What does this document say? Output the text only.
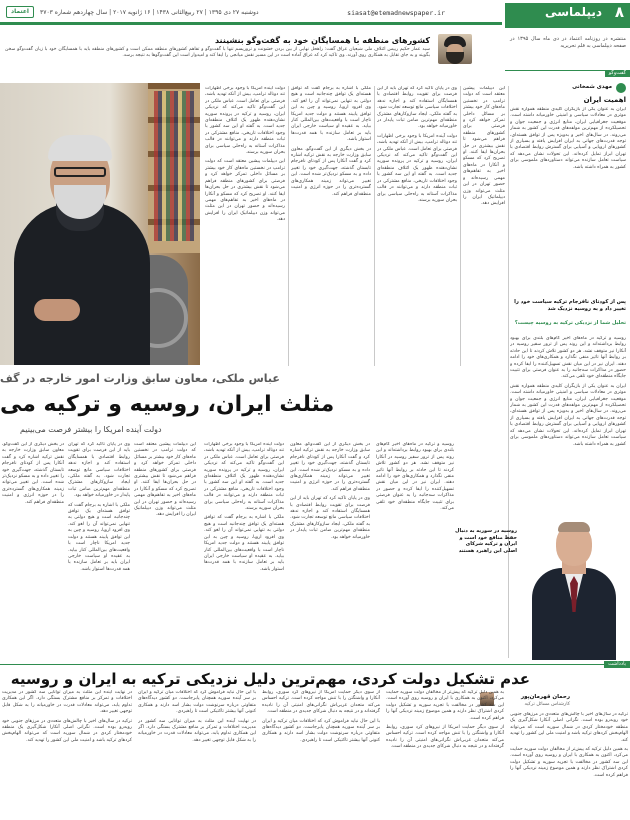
۸
دیپلماسی
siasat@etemadnewspaper.ir
دوشنبه ۲۷ دی ۱۳۹۵ | ۲۷ ربیع‌الثانی ۱۴۳۸ | ۱۶ ژانویه ۲۰۱۷ | سال چهاردهم شماره ۳۷۰۳
اعتماد

منتشره در روزنامه اعتماد در دی ماه سال ۱۳۹۵ در صفحه دیپلماسی به قلم تحریریه

کشورهای منطقه با همسایگان خود به گفت‌وگو بنشینند

سید عمار حکیم رییس ائتلاف ملی شیعیان عراق گفت: راهحل نهایی از بین بردن خشونت و تروریسم تنها با گفت‌وگو و تفاهم کشورهای منطقه ممکن است و کشورهای منطقه باید با همسایگان خود با زبان گفت‌وگو سخن بگویند و به جای تقابل به همکاری روی آورند. وی تاکید کرد که عراق آماده است در این مسیر نقش میانجی را ایفا کند و امیدوار است این گفت‌وگوها به نتیجه برسد.

گفت‌وگو

دولت آینده امریکا با وجود برخی اظهارات تند دونالد ترامپ، بیش از آنکه تهدید باشد، فرصتی برای تعامل است. عباس ملکی در این گفت‌وگو تاکید می‌کند که نزدیکی ایران، روسیه و ترکیه در پرونده سوریه نشان‌دهنده ظهور یک ائتلاف منطقه‌ای جدید است. به گفته او این سه کشور با وجود اختلافات تاریخی، منافع مشترکی در ثبات منطقه دارند و می‌توانند در قالب مذاکرات آستانه به راه‌حلی سیاسی برای بحران سوریه برسند.

این دیپلمات پیشین معتقد است که دولت ترامپ در نخستین ماه‌های کار خود بیشتر بر مسائل داخلی تمرکز خواهد کرد و فرصتی برای کشورهای منطقه فراهم می‌شود تا نقش بیشتری در حل بحران‌ها ایفا کنند. او تصریح کرد که مسکو و آنکارا در ماه‌های اخیر به تفاهم‌های مهمی رسیده‌اند و حضور تهران در این مثلث می‌تواند وزن دیپلماتیک ایران را افزایش دهد.

ملکی با اشاره به برجام گفت که توافق هسته‌ای یک توافق چندجانبه است و هیچ دولتی به تنهایی نمی‌تواند آن را لغو کند. وی افزود اروپا، روسیه و چین به این توافق پایبند هستند و دولت جدید امریکا ناچار است با واقعیت‌های بین‌المللی کنار بیاید. به عقیده او سیاست خارجی ایران باید بر تعامل سازنده با همه قدرت‌ها استوار باشد.

در بخش دیگری از این گفت‌وگو، معاون سابق وزارت خارجه به نقش ترکیه اشاره کرد و گفت آنکارا پس از کودتای نافرجام تابستان گذشته، جهت‌گیری خود را تغییر داده و به مسکو نزدیک‌تر شده است. این تغییر می‌تواند زمینه همکاری‌های گسترده‌تری را در حوزه انرژی و امنیت منطقه‌ای فراهم کند.

وی در پایان تاکید کرد که تهران باید از این فرصت برای تقویت روابط اقتصادی با همسایگان استفاده کند و اجازه ندهد اختلافات سیاسی مانع توسعه تجارت شود. به گفته ملکی، ایجاد سازوکارهای مشترک منطقه‌ای مهم‌ترین ضامن ثبات پایدار در خاورمیانه خواهد بود.

دولت آینده امریکا با وجود برخی اظهارات تند دونالد ترامپ، بیش از آنکه تهدید باشد، فرصتی برای تعامل است. عباس ملکی در این گفت‌وگو تاکید می‌کند که نزدیکی ایران، روسیه و ترکیه در پرونده سوریه نشان‌دهنده ظهور یک ائتلاف منطقه‌ای جدید است. به گفته او این سه کشور با وجود اختلافات تاریخی، منافع مشترکی در ثبات منطقه دارند و می‌توانند در قالب مذاکرات آستانه به راه‌حلی سیاسی برای بحران سوریه برسند.

این دیپلمات پیشین معتقد است که دولت ترامپ در نخستین ماه‌های کار خود بیشتر بر مسائل داخلی تمرکز خواهد کرد و فرصتی برای کشورهای منطقه فراهم می‌شود تا نقش بیشتری در حل بحران‌ها ایفا کنند. او تصریح کرد که مسکو و آنکارا در ماه‌های اخیر به تفاهم‌های مهمی رسیده‌اند و حضور تهران در این مثلث می‌تواند وزن دیپلماتیک ایران را افزایش دهد.

مهدی شمخانی
اهمیت ایران

ایران به عنوان یکی از بازیگران کلیدی منطقه همواره نقش موثری در معادلات سیاسی و امنیتی خاورمیانه داشته است. موقعیت جغرافیایی ایران، منابع انرژی و جمعیت جوان و تحصیلکرده از مهم‌ترین مولفه‌های قدرت این کشور به شمار می‌روند. در سال‌های اخیر و به‌ویژه پس از توافق هسته‌ای، توجه قدرت‌های جهانی به ایران افزایش یافته و بسیاری از کشورهای اروپایی و آسیایی برای گسترش روابط اقتصادی با تهران ابراز تمایل کرده‌اند. این تحولات نشان می‌دهد که سیاست تعامل سازنده می‌تواند دستاوردهای ملموسی برای کشور به همراه داشته باشد.

پس از کودتای نافرجام ترکیه سیاست خود را تغییر داد و به روسیه نزدیک شد
تحلیل شما از نزدیکی ترکیه به روسیه چیست؟

روسیه و ترکیه در ماه‌های اخیر گام‌های بلندی برای بهبود روابط برداشته‌اند و این روند پس از ترور سفیر روسیه در آنکارا نیز متوقف نشد. هر دو کشور تلاش کردند تا این حادثه بر روابط آنها تاثیر منفی نگذارد و همکاری‌های خود را ادامه دهند. ایران نیز در این میان نقش تسهیل‌کننده را ایفا کرده و حضور در مذاکرات سه‌جانبه را به عنوان فرصتی برای تثبیت جایگاه منطقه‌ای خود تلقی می‌کند.

ایران به عنوان یکی از بازیگران کلیدی منطقه همواره نقش موثری در معادلات سیاسی و امنیتی خاورمیانه داشته است. موقعیت جغرافیایی ایران، منابع انرژی و جمعیت جوان و تحصیلکرده از مهم‌ترین مولفه‌های قدرت این کشور به شمار می‌روند. در سال‌های اخیر و به‌ویژه پس از توافق هسته‌ای، توجه قدرت‌های جهانی به ایران افزایش یافته و بسیاری از کشورهای اروپایی و آسیایی برای گسترش روابط اقتصادی با تهران ابراز تمایل کرده‌اند. این تحولات نشان می‌دهد که سیاست تعامل سازنده می‌تواند دستاوردهای ملموسی برای کشور به همراه داشته باشد.

عباس ملکی، معاون سابق وزارت امور خارجه در گف
مثلث ایران، روسیه و ترکیه می
دولت آینده امریکا را بیشتر فرصت می‌بینیم

در بخش دیگری از این گفت‌وگو، معاون سابق وزارت خارجه به نقش ترکیه اشاره کرد و گفت آنکارا پس از کودتای نافرجام تابستان گذشته، جهت‌گیری خود را تغییر داده و به مسکو نزدیک‌تر شده است. این تغییر می‌تواند زمینه همکاری‌های گسترده‌تری را در حوزه انرژی و امنیت منطقه‌ای فراهم کند.

وی در پایان تاکید کرد که تهران باید از این فرصت برای تقویت روابط اقتصادی با همسایگان استفاده کند و اجازه ندهد اختلافات سیاسی مانع توسعه تجارت شود. به گفته ملکی، ایجاد سازوکارهای مشترک منطقه‌ای مهم‌ترین ضامن ثبات پایدار در خاورمیانه خواهد بود.

ملکی با اشاره به برجام گفت که توافق هسته‌ای یک توافق چندجانبه است و هیچ دولتی به تنهایی نمی‌تواند آن را لغو کند. وی افزود اروپا، روسیه و چین به این توافق پایبند هستند و دولت جدید امریکا ناچار است با واقعیت‌های بین‌المللی کنار بیاید. به عقیده او سیاست خارجی ایران باید بر تعامل سازنده با همه قدرت‌ها استوار باشد.

این دیپلمات پیشین معتقد است که دولت ترامپ در نخستین ماه‌های کار خود بیشتر بر مسائل داخلی تمرکز خواهد کرد و فرصتی برای کشورهای منطقه فراهم می‌شود تا نقش بیشتری در حل بحران‌ها ایفا کنند. او تصریح کرد که مسکو و آنکارا در ماه‌های اخیر به تفاهم‌های مهمی رسیده‌اند و حضور تهران در این مثلث می‌تواند وزن دیپلماتیک ایران را افزایش دهد.

دولت آینده امریکا با وجود برخی اظهارات تند دونالد ترامپ، بیش از آنکه تهدید باشد، فرصتی برای تعامل است. عباس ملکی در این گفت‌وگو تاکید می‌کند که نزدیکی ایران، روسیه و ترکیه در پرونده سوریه نشان‌دهنده ظهور یک ائتلاف منطقه‌ای جدید است. به گفته او این سه کشور با وجود اختلافات تاریخی، منافع مشترکی در ثبات منطقه دارند و می‌توانند در قالب مذاکرات آستانه به راه‌حلی سیاسی برای بحران سوریه برسند.

ملکی با اشاره به برجام گفت که توافق هسته‌ای یک توافق چندجانبه است و هیچ دولتی به تنهایی نمی‌تواند آن را لغو کند. وی افزود اروپا، روسیه و چین به این توافق پایبند هستند و دولت جدید امریکا ناچار است با واقعیت‌های بین‌المللی کنار بیاید. به عقیده او سیاست خارجی ایران باید بر تعامل سازنده با همه قدرت‌ها استوار باشد.

در بخش دیگری از این گفت‌وگو، معاون سابق وزارت خارجه به نقش ترکیه اشاره کرد و گفت آنکارا پس از کودتای نافرجام تابستان گذشته، جهت‌گیری خود را تغییر داده و به مسکو نزدیک‌تر شده است. این تغییر می‌تواند زمینه همکاری‌های گسترده‌تری را در حوزه انرژی و امنیت منطقه‌ای فراهم کند.

وی در پایان تاکید کرد که تهران باید از این فرصت برای تقویت روابط اقتصادی با همسایگان استفاده کند و اجازه ندهد اختلافات سیاسی مانع توسعه تجارت شود. به گفته ملکی، ایجاد سازوکارهای مشترک منطقه‌ای مهم‌ترین ضامن ثبات پایدار در خاورمیانه خواهد بود.

روسیه و ترکیه در ماه‌های اخیر گام‌های بلندی برای بهبود روابط برداشته‌اند و این روند پس از ترور سفیر روسیه در آنکارا نیز متوقف نشد. هر دو کشور تلاش کردند تا این حادثه بر روابط آنها تاثیر منفی نگذارد و همکاری‌های خود را ادامه دهند. ایران نیز در این میان نقش تسهیل‌کننده را ایفا کرده و حضور در مذاکرات سه‌جانبه را به عنوان فرصتی برای تثبیت جایگاه منطقه‌ای خود تلقی می‌کند.

روسیه در سوریه به دنبال حفظ منافع خود است و ایران و ترکیه شرکای اصلی این راهبرد هستند
یادداشت
عدم تشکیل دولت کردی، مهم‌ترین دلیل نزدیکی ترکیه به ایران و روسیه
رحمان قهرمان‌پور
کارشناس مسائل ترکیه

ترکیه در سال‌های اخیر با چالش‌های متعددی در مرزهای جنوبی خود روبه‌رو بوده است. نگرانی اصلی آنکارا شکل‌گیری یک منطقه خودمختار کردی در شمال سوریه است که می‌تواند الهام‌بخش کردهای ترکیه باشد و امنیت ملی این کشور را تهدید کند.

به همین دلیل ترکیه که پیش‌تر از مخالفان دولت سوریه حمایت می‌کرد، اکنون به همکاری با ایران و روسیه روی آورده است. این سه کشور در مخالفت با تجزیه سوریه و تشکیل دولت کردی اشتراک نظر دارند و همین موضوع زمینه نزدیکی آنها را فراهم کرده است.

به همین دلیل ترکیه که پیش‌تر از مخالفان دولت سوریه حمایت می‌کرد، اکنون به همکاری با ایران و روسیه روی آورده است. این سه کشور در مخالفت با تجزیه سوریه و تشکیل دولت کردی اشتراک نظر دارند و همین موضوع زمینه نزدیکی آنها را فراهم کرده است.

از سوی دیگر حمایت امریکا از نیروهای کرد سوری، روابط آنکارا و واشنگتن را با تنش مواجه کرده است. ترکیه احساس می‌کند متحدان غربی‌اش نگرانی‌های امنیتی آن را نادیده گرفته‌اند و در نتیجه به دنبال شرکای جدیدی در منطقه است.

از سوی دیگر حمایت امریکا از نیروهای کرد سوری، روابط آنکارا و واشنگتن را با تنش مواجه کرده است. ترکیه احساس می‌کند متحدان غربی‌اش نگرانی‌های امنیتی آن را نادیده گرفته‌اند و در نتیجه به دنبال شرکای جدیدی در منطقه است.

با این حال نباید فراموش کرد که اختلافات میان ترکیه و ایران بر سر آینده سوریه همچنان پابرجاست. دو کشور دیدگاه‌های متفاوتی درباره سرنوشت دولت بشار اسد دارند و همکاری کنونی آنها بیشتر تاکتیکی است تا راهبردی.

با این حال نباید فراموش کرد که اختلافات میان ترکیه و ایران بر سر آینده سوریه همچنان پابرجاست. دو کشور دیدگاه‌های متفاوتی درباره سرنوشت دولت بشار اسد دارند و همکاری کنونی آنها بیشتر تاکتیکی است تا راهبردی.

در نهایت آینده این مثلث به میزان توانایی سه کشور در مدیریت اختلافات و تمرکز بر منافع مشترک بستگی دارد. اگر این همکاری تداوم یابد، می‌تواند معادلات قدرت در خاورمیانه را به شکل قابل توجهی تغییر دهد.

در نهایت آینده این مثلث به میزان توانایی سه کشور در مدیریت اختلافات و تمرکز بر منافع مشترک بستگی دارد. اگر این همکاری تداوم یابد، می‌تواند معادلات قدرت در خاورمیانه را به شکل قابل توجهی تغییر دهد.

ترکیه در سال‌های اخیر با چالش‌های متعددی در مرزهای جنوبی خود روبه‌رو بوده است. نگرانی اصلی آنکارا شکل‌گیری یک منطقه خودمختار کردی در شمال سوریه است که می‌تواند الهام‌بخش کردهای ترکیه باشد و امنیت ملی این کشور را تهدید کند.
